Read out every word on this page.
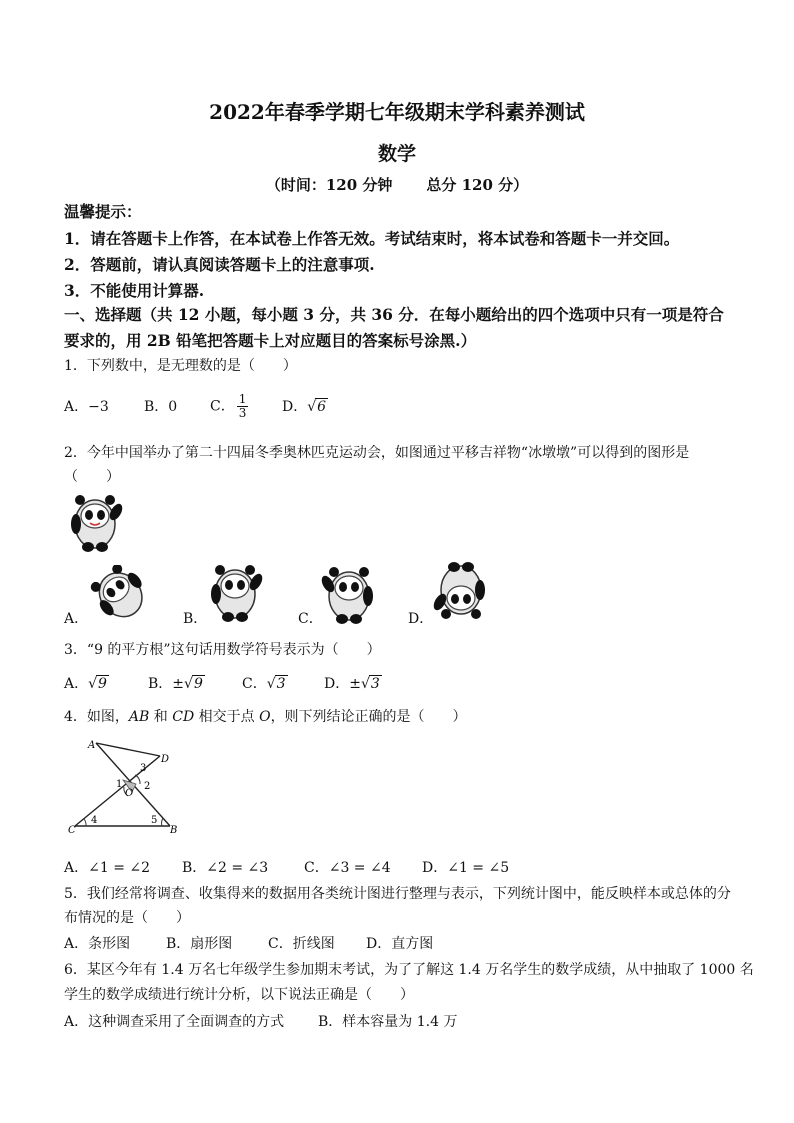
2022年春季学期七年级期末学科素养测试
数学
（时间：120 分钟 总分 120 分）
温馨提示：
1．请在答题卡上作答，在本试卷上作答无效。考试结束时，将本试卷和答题卡一并交回。
2．答题前，请认真阅读答题卡上的注意事项.
3．不能使用计算器.
一、选择题（共 12 小题，每小题 3 分，共 36 分．在每小题给出的四个选项中只有一项是符合
要求的，用 2B 铅笔把答题卡上对应题目的答案标号涂黑.）
1．下列数中，是无理数的是（　　）
A．−3	B．0 C． $\frac{1}{3}$ D．√6
2．今年中国举办了第二十四届冬季奥林匹克运动会，如图通过平移吉祥物“冰墩墩”可以得到的图形是
（　　）
A．	B．	C．	D．
3．“9 的平方根”这句话用数学符号表示为（　　）
A．√9	B．±√9	C．√3	D．±√3
4．如图，AB 和 CD 相交于点 O，则下列结论正确的是（　　）
A
D
3
1
O
2
C
4	5
B
A．∠1 = ∠2 B．∠2 = ∠3	C．∠3 = ∠4 D．∠1 = ∠5
5．我们经常将调查、收集得来的数据用各类统计图进行整理与表示，下列统计图中，能反映样本或总体的分
布情况的是（　　）
A．条形图	B．扇形图	C．折线图 D．直方图
6．某区今年有 1.4 万名七年级学生参加期末考试，为了了解这 1.4 万名学生的数学成绩，从中抽取了 1000 名
学生的数学成绩进行统计分析，以下说法正确是（　　）
A．这种调查采用了全面调查的方式 B．样本容量为 1.4 万
